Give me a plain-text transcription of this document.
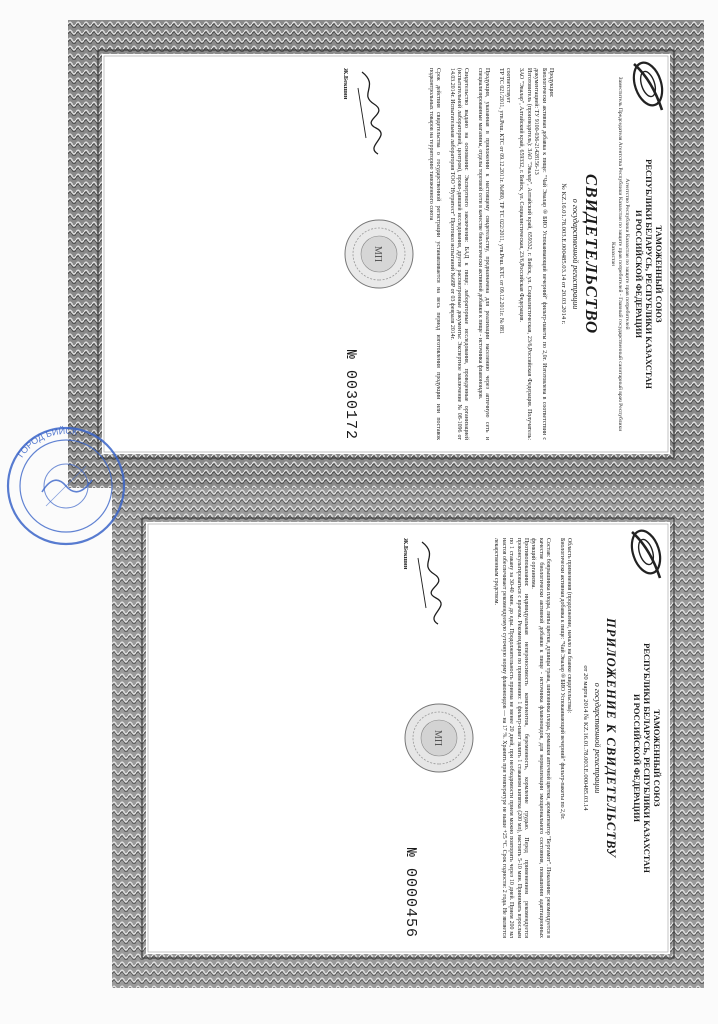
ТАМОЖЕННЫЙ СОЮЗ
РЕСПУБЛИКИ БЕЛАРУСЬ, РЕСПУБЛИКИ КАЗАХСТАН
И РОССИЙСКОЙ ФЕДЕРАЦИИ
Агентство Республики Казахстан по защите прав потребителей
Заместитель Председателя Агентства Республики Казахстан по защите прав потребителей - Главный государственный санитарный врач Республики Казахстан
СВИДЕТЕЛЬСТВО
о государственной регистрации
№ KZ.16.01.78.003.E.000485.03.14 от 20.03.2014 г.
Продукция:
Биологически активная добавка к пище: "Чай Эвалар ® БИО Успокаивающий вечерний" фильтр-пакеты по 2,0г. Изготовлена в соответствии с документацией: ТУ 9100-036-21428156-13
Изготовитель (производитель): ЗАО "Эвалар", Алтайский край, 659332, г. Бийск, ул. Социалистическая, 23/6,Российская Федерация. Получатель: ЗАО "Эвалар", Алтайский край, 659332, г. Бийск, ул. Социалистическая, 23/6,Российская Федерация.
соответствует
ТР ТС 021/2011, утв.Реш. КТС от 09.12.2011г. №880, ТР ТС 022/2011, утв.Реш. КТС от 09.12.2011г. № 881
Продукция, указанная в приложении к настоящему свидетельству, предназначена для реализации населению через аптечную сеть и специализированные магазины, отделы торговой сети в качестве биологически активной добавки к пище - источника флавоноидов.
Свидетельство выдано на основании: Экспертного заключения: БАД к пище; лабораторные исследования, проведенные организацией (испытательной лабораторией, центром), прово-дившей исследования, другие рассмотренные документы: Экспертное заключение № 08-1096 от 14.03.2014г. Испытательная лаборатория ТОО "Нутритест" Протокол испытаний №68Р от 03 февраля 2014г.
Срок действия свидетельства о государственной регистрации устанавливается на весь период изготовления продукции или поставок подконтрольных товаров на территорию таможенного союза
Ж.Бекшин
МП
№ 0030172
ТАМОЖЕННЫЙ СОЮЗ
РЕСПУБЛИКИ БЕЛАРУСЬ, РЕСПУБЛИКИ КАЗАХСТАН
И РОССИЙСКОЙ ФЕДЕРАЦИИ
ПРИЛОЖЕНИЕ К СВИДЕТЕЛЬСТВУ
о государственной регистрации
от 20 марта 2014 № KZ.16.01.78.003.E.000485.03.14
Область применения (продолжение, начало на бланке свидетельства):
Биологически активная добавка к пище: "Чай Эвалар ® БИО Успокаивающий вечерний" фильтр-пакеты по 2,0г.
Состав: боярышника плоды, липы цветки, душицы трава, шиповника плоды, ромашки аптечной цветки, ароматизатор "Бергамот". Показания: рекомендуется в качестве биологически активной добавки к пище - источника флавоноидов, для нормализации эмоционального состояния, повышения адаптационных функций организма.
Противопоказания: индивидуальная непереносимость компонентов, беременность, кормление грудью. Перед применением рекомендуется проконсультироваться с врачом. Рекомендации по применению: 1 фильтр-пакет залить 1 стаканом кипятка (200 мл), настоять 5-10 мин. Принимать взрослым по 1 стакану за 30-40 мин. до еды. Продолжительность приема не менее 20 дней, при необходимости прием можно повторить через 10 дней. Прием 200 мл настоя обеспечивает рекомендуемую суточную норму флавоноидов — на 17 %. Хранить при температуре не выше +25 °C. Срок годности: 2 года. Не является лекарственным средством.
Ж.Бекшин
МП
№ 0000456
ГОРОД БИЙСК
